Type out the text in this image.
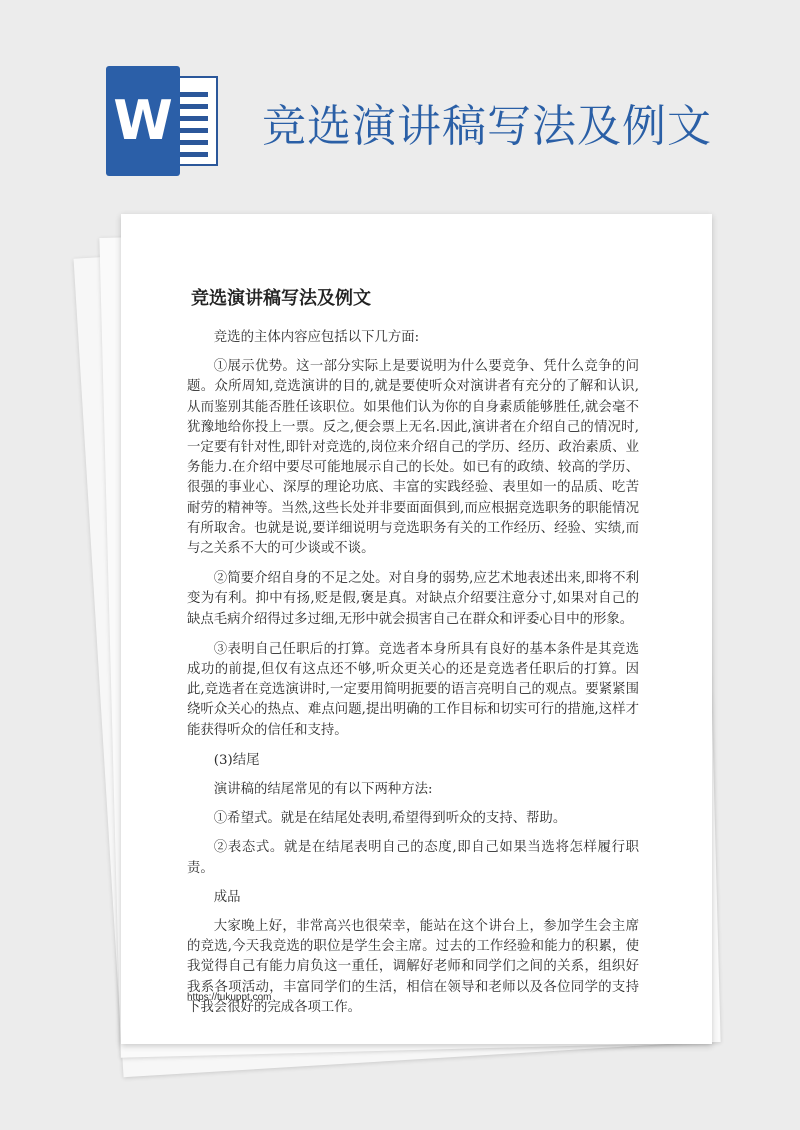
W 竞选演讲稿写法及例文
竞选演讲稿写法及例文

竞选的主体内容应包括以下几方面:

①展示优势。这一部分实际上是要说明为什么要竞争、凭什么竞争的问题。众所周知,竞选演讲的目的,就是要使听众对演讲者有充分的了解和认识,从而鉴别其能否胜任该职位。如果他们认为你的自身素质能够胜任,就会毫不犹豫地给你投上一票。反之,便会票上无名.因此,演讲者在介绍自己的情况时,一定要有针对性,即针对竞选的,岗位来介绍自己的学历、经历、政治素质、业务能力.在介绍中要尽可能地展示自己的长处。如已有的政绩、较高的学历、很强的事业心、深厚的理论功底、丰富的实践经验、表里如一的品质、吃苦耐劳的精神等。当然,这些长处并非要面面俱到,而应根据竞选职务的职能情况有所取舍。也就是说,要详细说明与竞选职务有关的工作经历、经验、实绩,而与之关系不大的可少谈或不谈。

②简要介绍自身的不足之处。对自身的弱势,应艺术地表述出来,即将不利变为有利。抑中有扬,贬是假,褒是真。对缺点介绍要注意分寸,如果对自己的缺点毛病介绍得过多过细,无形中就会损害自己在群众和评委心目中的形象。

③表明自己任职后的打算。竞选者本身所具有良好的基本条件是其竞选成功的前提,但仅有这点还不够,听众更关心的还是竞选者任职后的打算。因此,竞选者在竞选演讲时,一定要用简明扼要的语言亮明自己的观点。要紧紧围绕听众关心的热点、难点问题,提出明确的工作目标和切实可行的措施,这样才能获得听众的信任和支持。

(3)结尾

演讲稿的结尾常见的有以下两种方法:

①希望式。就是在结尾处表明,希望得到听众的支持、帮助。

②表态式。就是在结尾表明自己的态度,即自己如果当选将怎样履行职责。

成品

大家晚上好，非常高兴也很荣幸，能站在这个讲台上，参加学生会主席的竞选,今天我竞选的职位是学生会主席。过去的工作经验和能力的积累，使我觉得自己有能力肩负这一重任，调解好老师和同学们之间的关系，组织好我系各项活动，丰富同学们的生活，相信在领导和老师以及各位同学的支持下我会很好的完成各项工作。

https://tukuppt.com
